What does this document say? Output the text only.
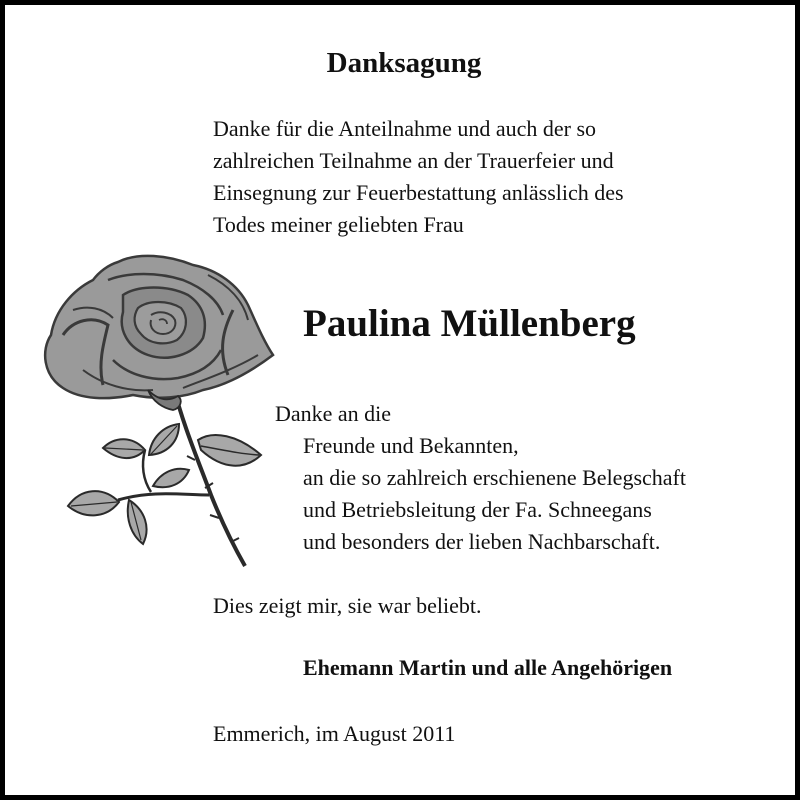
Danksagung
Danke für die Anteilnahme und auch der so
zahlreichen Teilnahme an der Trauerfeier und
Einsegnung zur Feuerbestattung anlässlich des
Todes meiner geliebten Frau
Paulina Müllenberg
Danke an die
Freunde und Bekannten,
an die so zahlreich erschienene Belegschaft
und Betriebsleitung der Fa. Schneegans
und besonders der lieben Nachbarschaft.
Dies zeigt mir, sie war beliebt.
Ehemann Martin und alle Angehörigen
Emmerich, im August 2011
